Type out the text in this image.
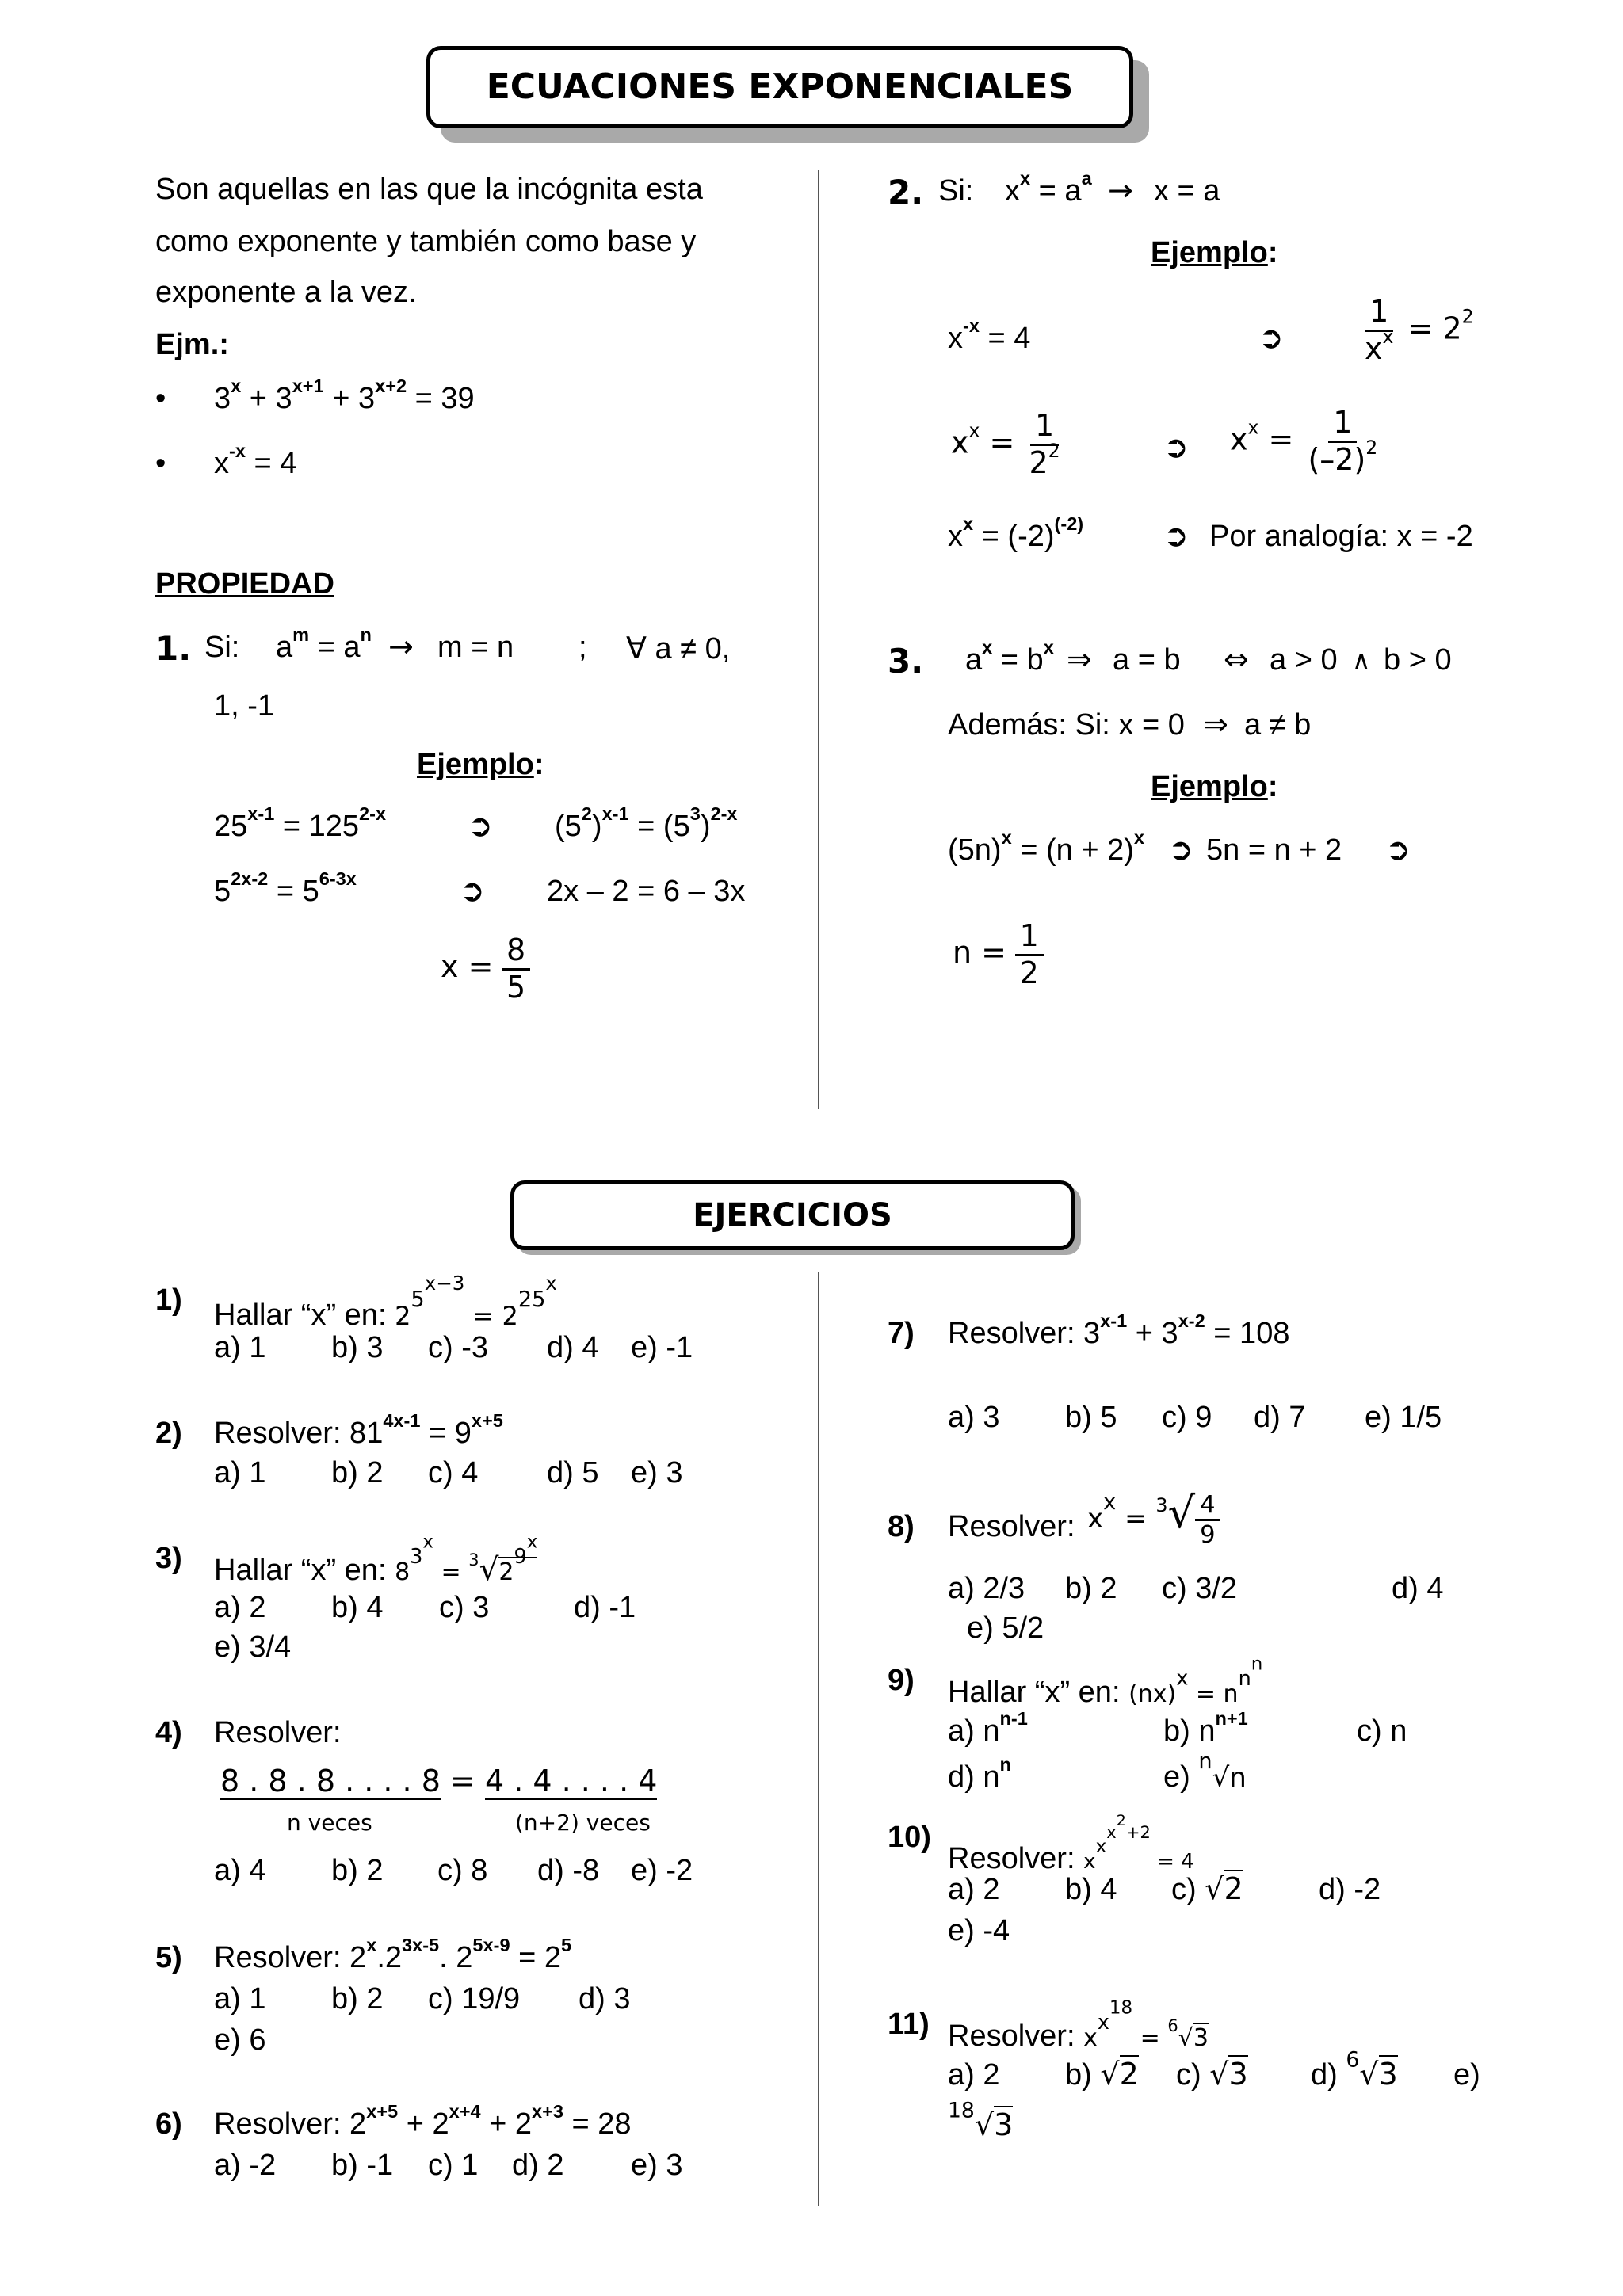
ECUACIONES EXPONENCIALES
Son aquellas en las que la incógnita esta

como exponente y también como base y

exponente a la vez.
Ejm.:
• $3^x + 3^{x+1} + 3^{x+2} = 39$
• $x^{-x} = 4$
PROPIEDAD
1. Si: $a^m = a^n \to m = n$ ; ∀ a ≠ 0,
1, -1
Ejemplo:
$25^{x-1} = 125^{2-x}$	➲ $(5^2)^{x-1} = (5^3)^{2-x}$
$5^{2x-2} = 5^{6-3x}$	➲ 2x – 2 = 6 – 3x
$x = \frac{8}{5}$
2. Si: $x^x = a^a \to x = a$
Ejemplo:
$x^{-x} = 4$	➲	$\frac{1}{x^x} = 2^2$
$x^x = \frac{1}{2^2}$	➲ $x^x = \frac{1}{(-2)^2}$
$x^x = (-2)^{(-2)}$	➲ Por analogía: x = -2
3. $a^x = b^x$ ⇒ a = b ⇔ a > 0 ∧ b > 0
Además: Si: x = 0 ⇒ a ≠ b
Ejemplo:
$(5n)^x = (n + 2)^x$ ➲ 5n = n + 2 ➲
$n = \frac{1}{2}$
EJERCICIOS
1) Hallar “x” en: $2^{5^{x-3}} = 2^{25^x}$
a) 1 b) 3 c) -3 d) 4 e) -1
2) Resolver: $81^{4x-1} = 9^{x+5}$
a) 1 b) 2 c) 4 d) 5 e) 3
3) Hallar “x” en: $8^{3^x} = ^3√2^{9^x}$
a) 2 b) 4 c) 3	d) -1
e) 3/4
4) Resolver:
8 . 8 . 8 . . . . 8 = 4 . 4 . . . . 4
n veces	(n+2) veces
a) 4 b) 2 c) 8 d) -8 e) -2
5) Resolver: $2^x.2^{3x-5}$. $2^{5x-9} = 2^5$
a) 1 b) 2 c) 19/9 d) 3
e) 6
6) Resolver: $2^{x+5} + 2^{x+4} + 2^{x+3} = 28$
a) -2 b) -1 c) 1 d) 2 e) 3
7) Resolver: $3^{x-1} + 3^{x-2} = 108$
a) 3 b) 5 c) 9 d) 7 e) 1/5
8) Resolver: $x^x = ^3√ \frac{4}{9}$
a) 2/3 b) 2 c) 3/2	d) 4
e) 5/2
9) Hallar “x” en: $(nx)^x = n^{n^n}$
a) $n^{n-1}$	b) $n^{n+1}$	c) n
d) $n^n$	e) $^n$√n
10)
Resolver: $x^{x^{x^2+2}} = 4$
a) 2 b) 4 c) √2	d) -2
e) -4
11) Resolver: $x^{x^{18}} = ^6√3$
a) 2 b) √2 c) √3 d) $^6$√3 e)
$^{18}$√3
